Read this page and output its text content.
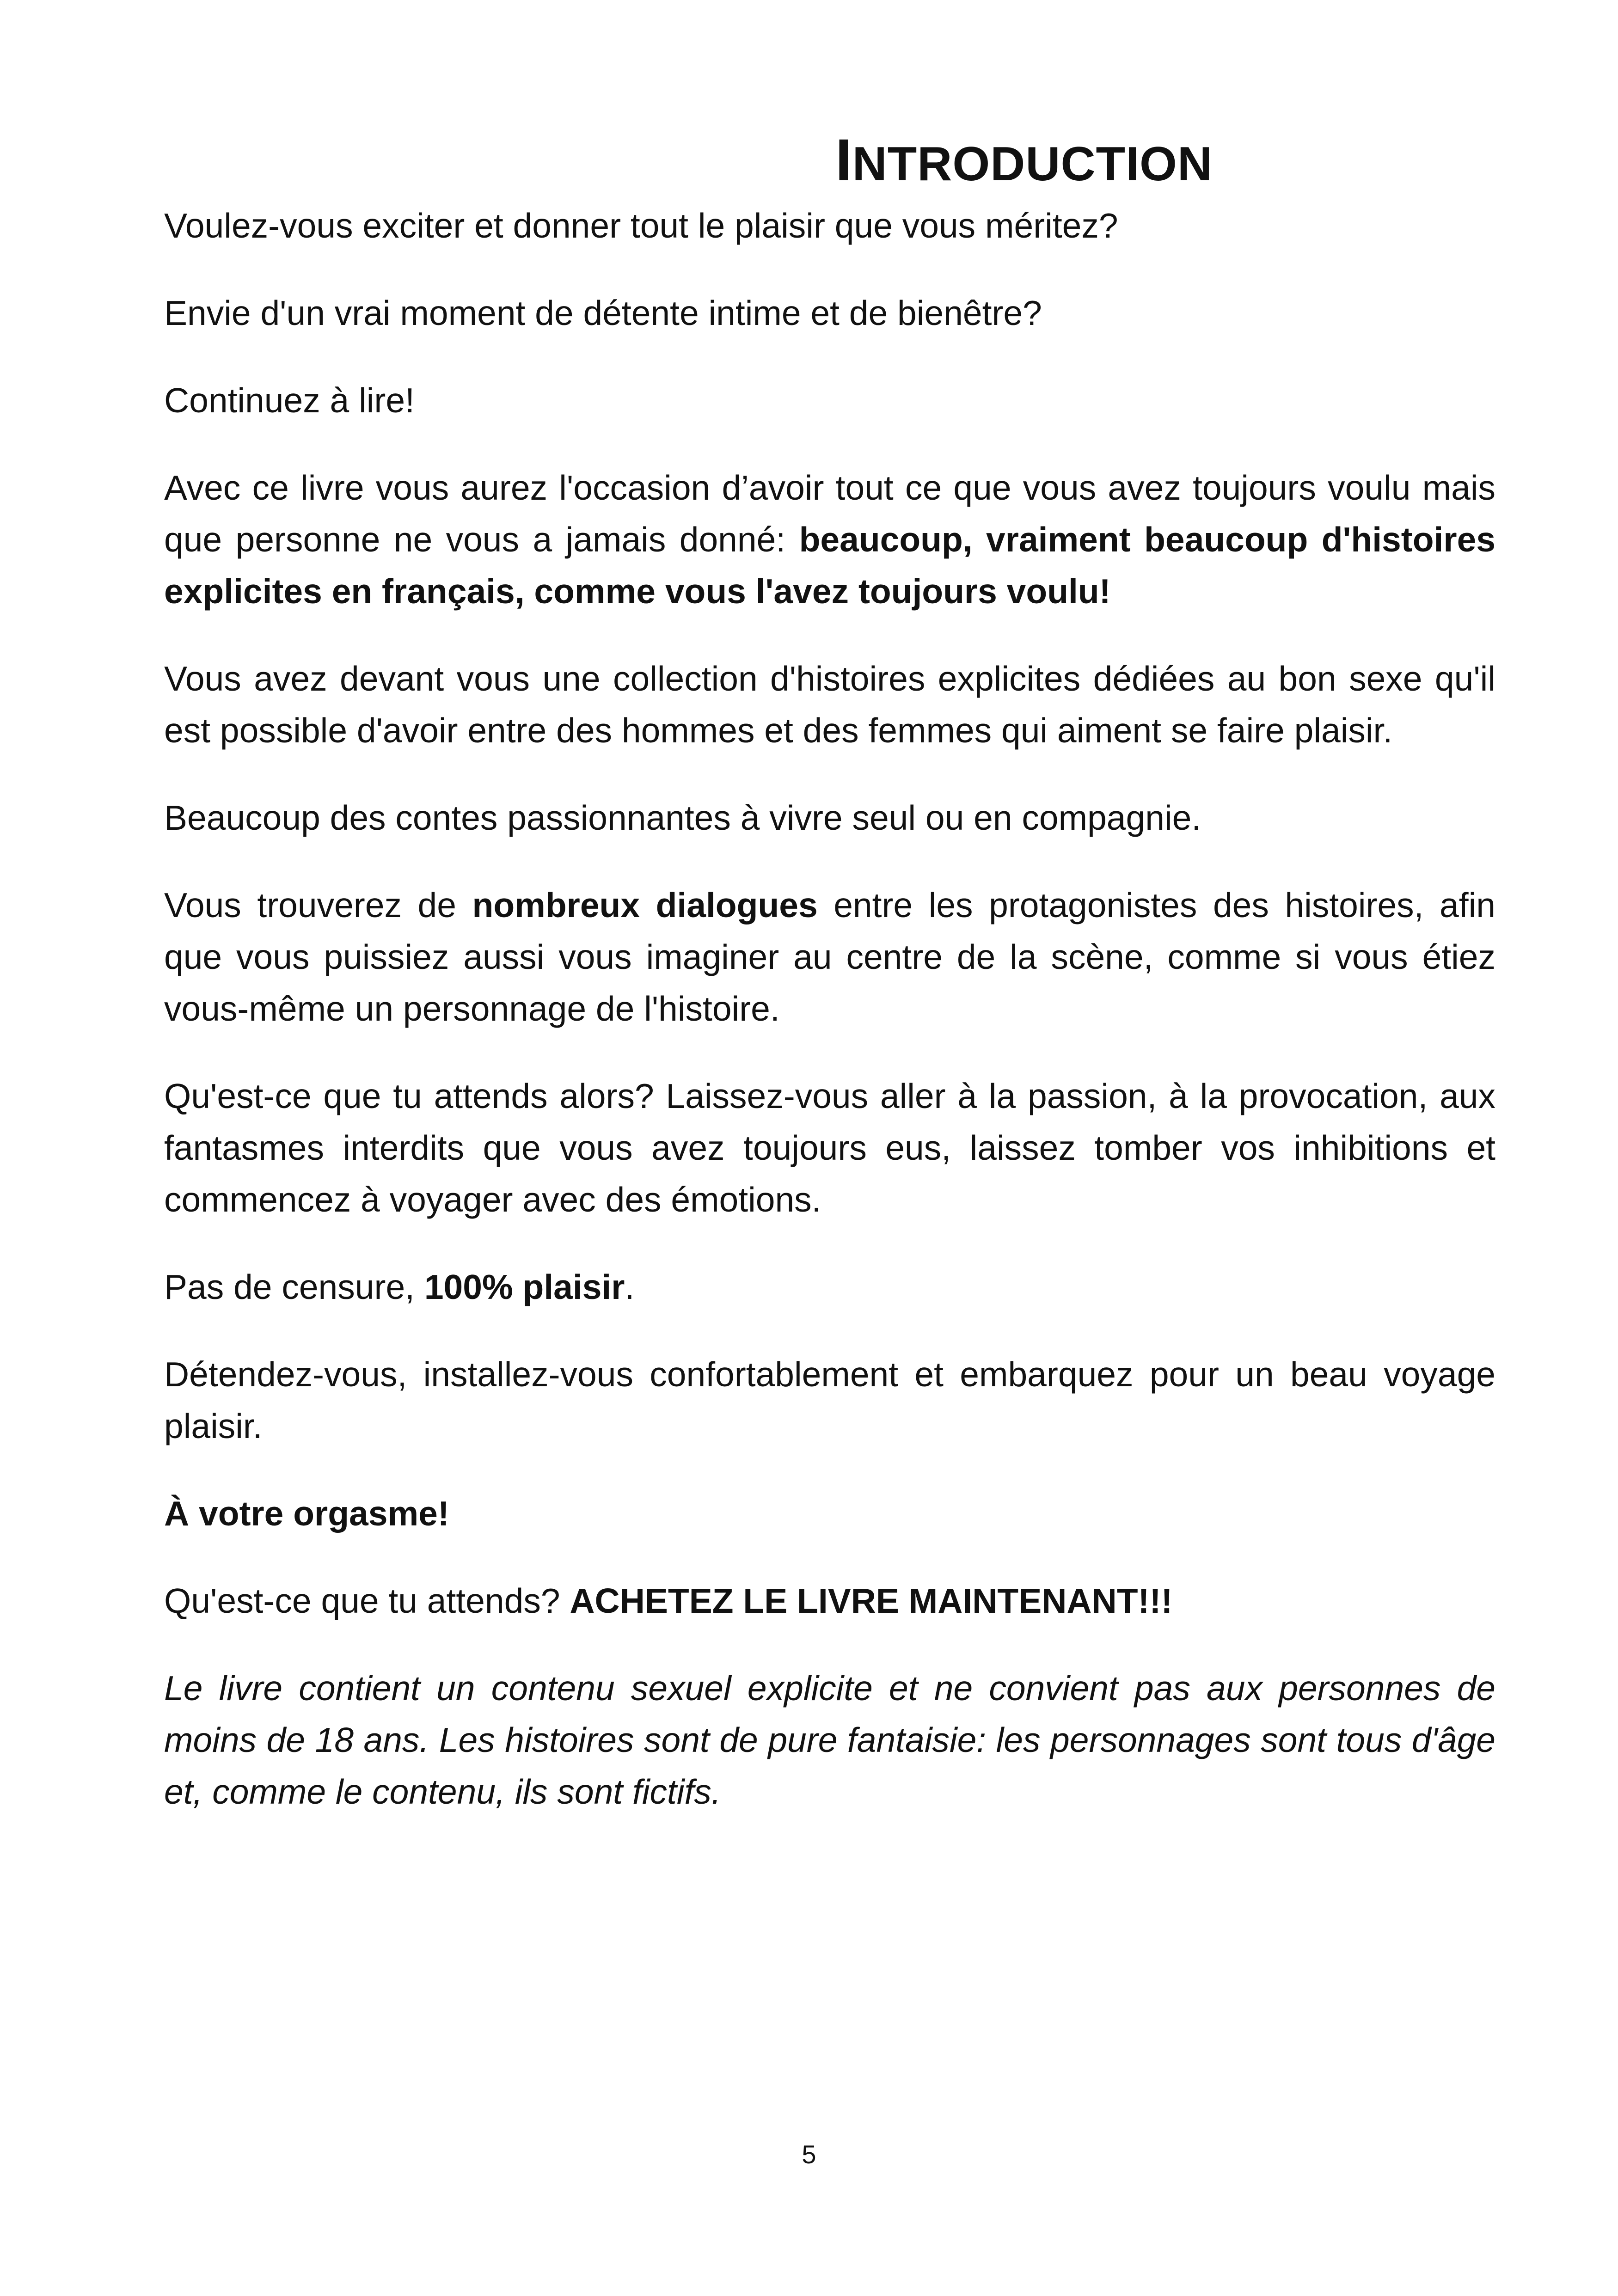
INTRODUCTION

Voulez-vous exciter et donner tout le plaisir que vous méritez?

Envie d'un vrai moment de détente intime et de bienêtre?

Continuez à lire!

Avec ce livre vous aurez l'occasion d’avoir tout ce que vous avez toujours voulu mais que personne ne vous a jamais donné: beaucoup, vraiment beaucoup d'histoires explicites en français, comme vous l'avez toujours voulu!

Vous avez devant vous une collection d'histoires explicites dédiées au bon sexe qu'il est possible d'avoir entre des hommes et des femmes qui aiment se faire plaisir.

Beaucoup des contes passionnantes à vivre seul ou en compagnie.

Vous trouverez de nombreux dialogues entre les protagonistes des histoires, afin que vous puissiez aussi vous imaginer au centre de la scène, comme si vous étiez vous-même un personnage de l'histoire.

Qu'est-ce que tu attends alors? Laissez-vous aller à la passion, à la provocation, aux fantasmes interdits que vous avez toujours eus, laissez tomber vos inhibitions et commencez à voyager avec des émotions.

Pas de censure, 100% plaisir.

Détendez-vous, installez-vous confortablement et embarquez pour un beau voyage plaisir.

À votre orgasme!

Qu'est-ce que tu attends? ACHETEZ LE LIVRE MAINTENANT!!!

Le livre contient un contenu sexuel explicite et ne convient pas aux personnes de moins de 18 ans. Les histoires sont de pure fantaisie: les personnages sont tous d'âge et, comme le contenu, ils sont fictifs.

5
